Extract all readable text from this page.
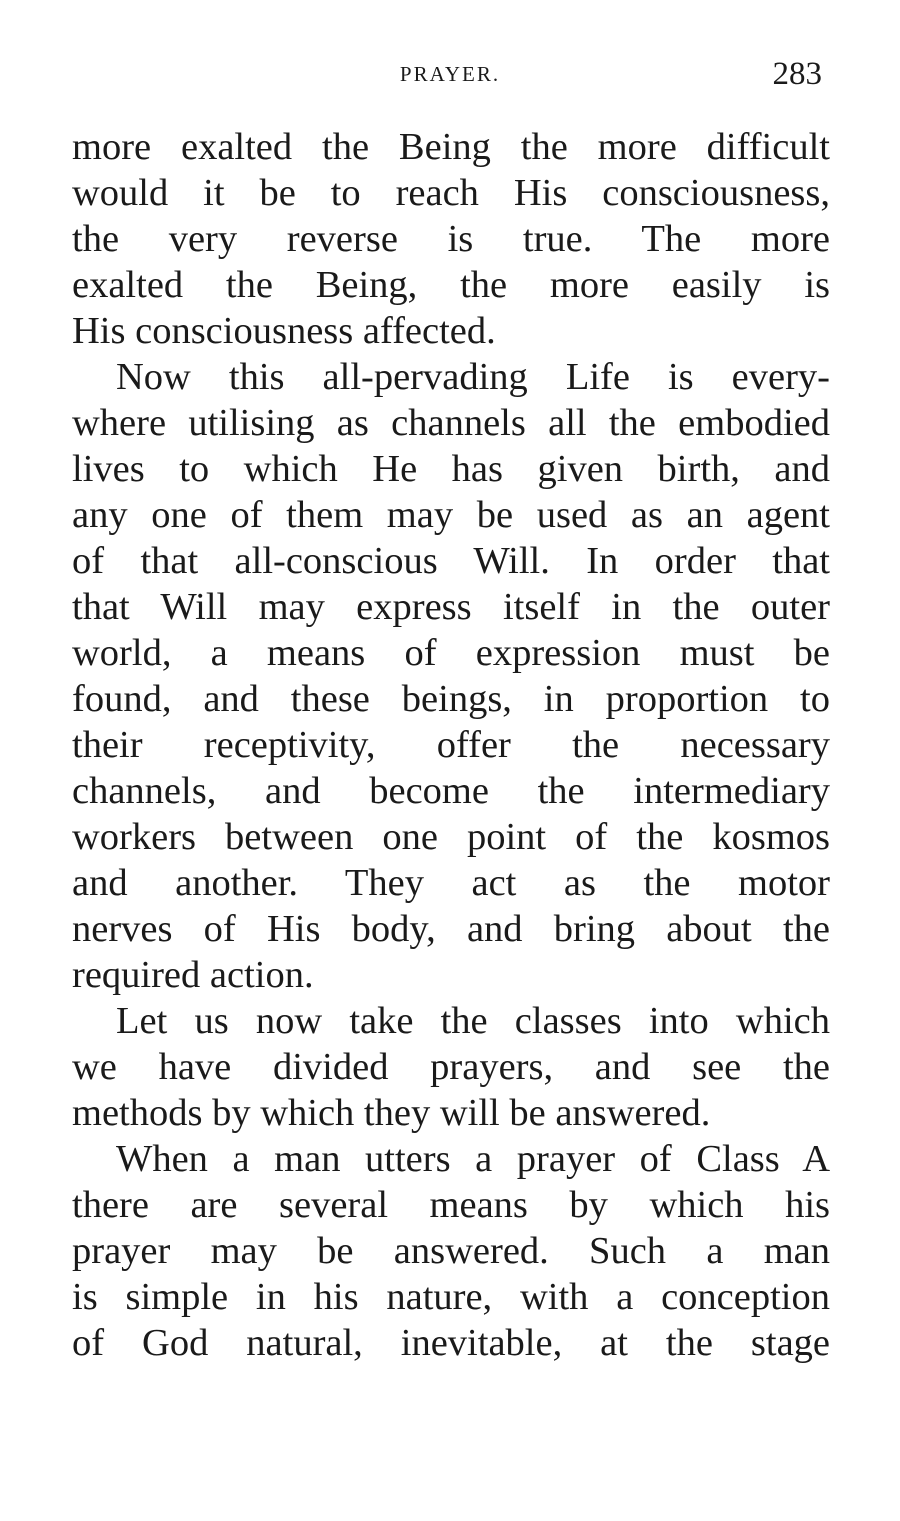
PRAYER.	283
more exalted the Being the more difficult
would it be to reach His consciousness,
the very reverse is true. The more
exalted the Being, the more easily is
His consciousness affected.
Now this all-pervading Life is every-
where utilising as channels all the embodied
lives to which He has given birth, and
any one of them may be used as an agent
of that all-conscious Will. In order that
that Will may express itself in the outer
world, a means of expression must be
found, and these beings, in proportion to
their receptivity, offer the necessary
channels, and become the intermediary
workers between one point of the kosmos
and another. They act as the motor
nerves of His body, and bring about the
required action.
Let us now take the classes into which
we have divided prayers, and see the
methods by which they will be answered.
When a man utters a prayer of Class A
there are several means by which his
prayer may be answered. Such a man
is simple in his nature, with a conception
of God natural, inevitable, at the stage
